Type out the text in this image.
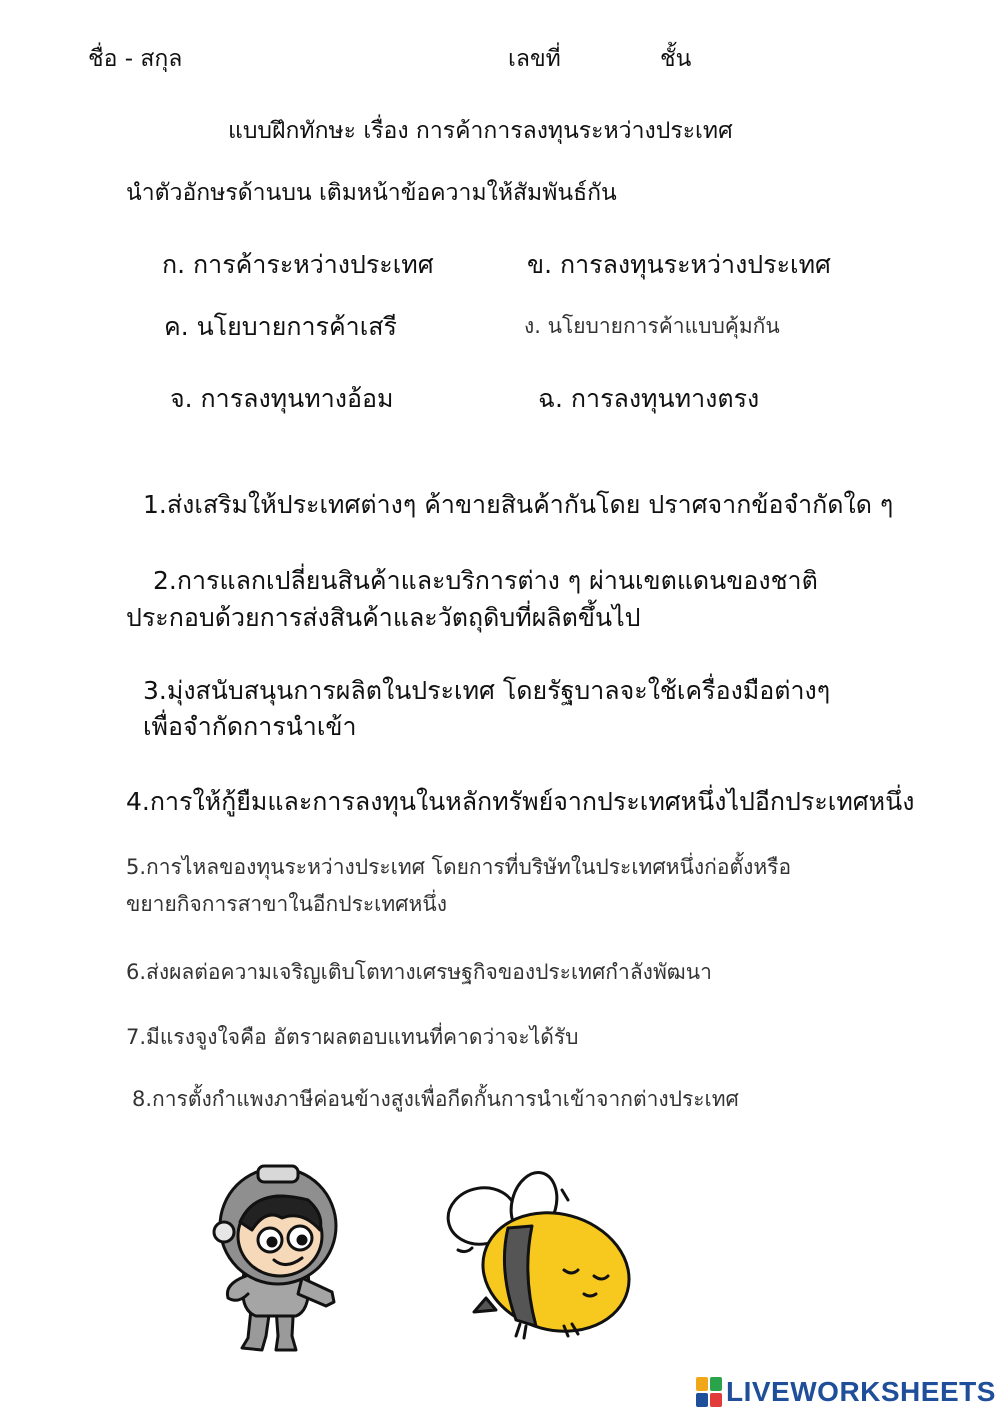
ชื่อ - สกุล	เลขที่	ชั้น
แบบฝึกทักษะ เรื่อง การค้าการลงทุนระหว่างประเทศ
นำตัวอักษรด้านบน เติมหน้าข้อความให้สัมพันธ์กัน
ก. การค้าระหว่างประเทศ	ข. การลงทุนระหว่างประเทศ
ค. นโยบายการค้าเสรี	ง. นโยบายการค้าแบบคุ้มกัน
จ. การลงทุนทางอ้อม	ฉ. การลงทุนทางตรง
1.ส่งเสริมให้ประเทศต่างๆ ค้าขายสินค้ากันโดย ปราศจากข้อจำกัดใด ๆ
2.การแลกเปลี่ยนสินค้าและบริการต่าง ๆ ผ่านเขตแดนของชาติ
ประกอบด้วยการส่งสินค้าและวัตถุดิบที่ผลิตขึ้นไป
3.มุ่งสนับสนุนการผลิตในประเทศ โดยรัฐบาลจะใช้เครื่องมือต่างๆ
เพื่อจำกัดการนำเข้า
4.การให้กู้ยืมและการลงทุนในหลักทรัพย์จากประเทศหนึ่งไปอีกประเทศหนึ่ง
5.การไหลของทุนระหว่างประเทศ โดยการที่บริษัทในประเทศหนึ่งก่อตั้งหรือ
ขยายกิจการสาขาในอีกประเทศหนึ่ง
6.ส่งผลต่อความเจริญเติบโตทางเศรษฐกิจของประเทศกำลังพัฒนา
7.มีแรงจูงใจคือ อัตราผลตอบแทนที่คาดว่าจะได้รับ
8.การตั้งกำแพงภาษีค่อนข้างสูงเพื่อกีดกั้นการนำเข้าจากต่างประเทศ
LIVEWORKSHEETS
